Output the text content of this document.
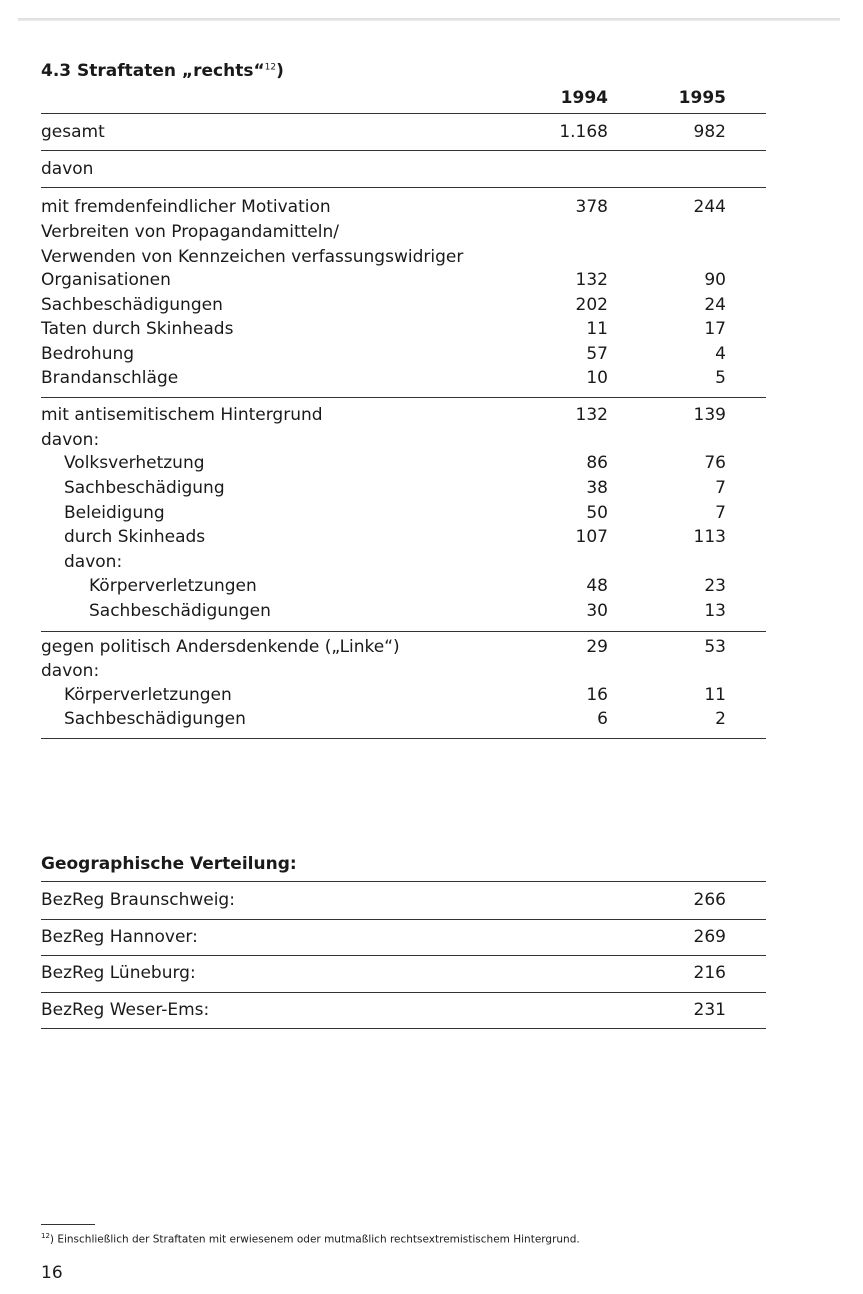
4.3 Straftaten „rechts“$^{12}$)
1994	1995
gesamt	1.168	982
davon
mit fremdenfeindlicher Motivation	378	244
Verbreiten von Propagandamitteln/
Verwenden von Kennzeichen verfassungswidriger
Organisationen	132	90
Sachbeschädigungen	202	24
Taten durch Skinheads	11	17
Bedrohung	57	4
Brandanschläge	10	5
mit antisemitischem Hintergrund	132	139
davon:
Volksverhetzung	86	76
Sachbeschädigung	38	7
Beleidigung	50	7
durch Skinheads	107	113
davon:
Körperverletzungen	48	23
Sachbeschädigungen	30	13
gegen politisch Andersdenkende („Linke“)	29	53
davon:
Körperverletzungen	16	11
Sachbeschädigungen	6	2
Geographische Verteilung:
BezReg Braunschweig:	266
BezReg Hannover:	269
BezReg Lüneburg:	216
BezReg Weser-Ems:	231
$^{12}$) Einschließlich der Straftaten mit erwiesenem oder mutmaßlich rechtsextremistischem Hintergrund.
16
